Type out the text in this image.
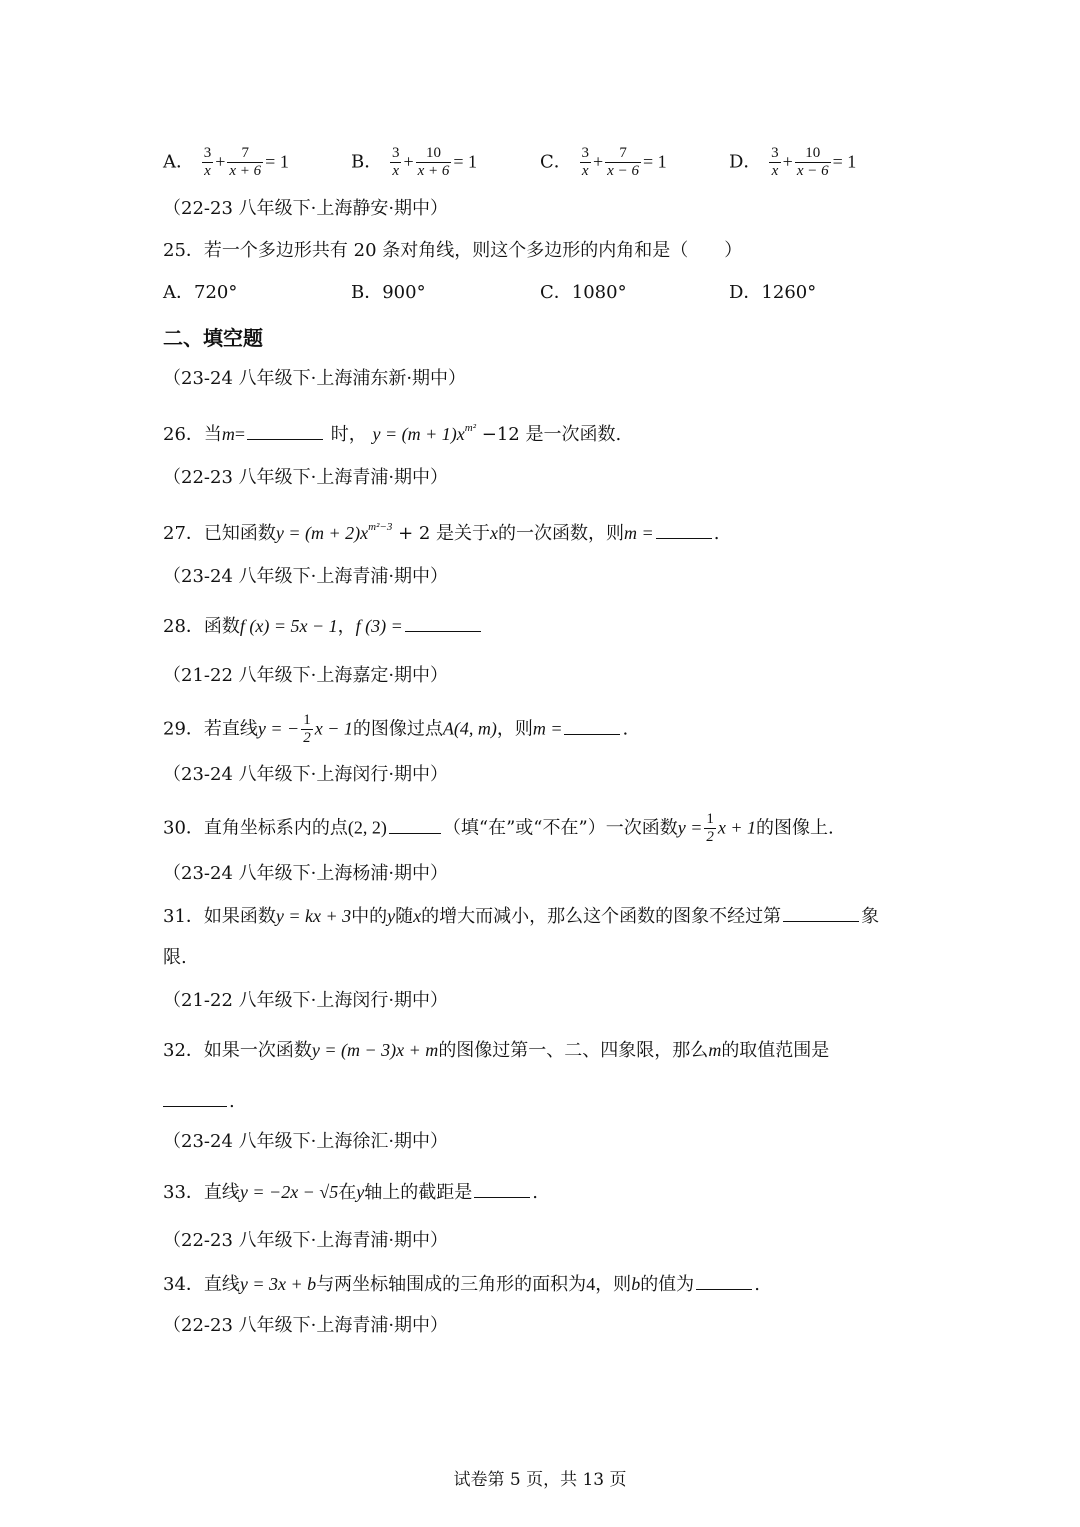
A． $\frac{3}{x} + \frac{7}{x + 6} = 1$	B． $\frac{3}{x} + \frac{10}{x + 6} = 1$	C． $\frac{3}{x} + \frac{7}{x - 6} = 1$	D． $\frac{3}{x} + \frac{10}{x - 6} = 1$
（22-23 八年级下·上海静安·期中）
25．若一个多边形共有 20 条对角线，则这个多边形的内角和是（　　）
A．720°	B．900°	C．1080°	D．1260°
二、填空题
（23-24 八年级下·上海浦东新·期中）
26．当m=	时， $y = (m + 1)x^{m^2} -12$ 是一次函数.
（22-23 八年级下·上海青浦·期中）
27．已知函数$y = (m + 2)x^{m^2-3} + 2$ 是关于x的一次函数，则m =	.
（23-24 八年级下·上海青浦·期中）
28．函数f (x) = 5x − 1，f (3) =
（21-22 八年级下·上海嘉定·期中）
29．若直线y = − $\frac{1}{2}$ x − 1的图像过点A(4, m)，则m =	.
（23-24 八年级下·上海闵行·期中）
30．直角坐标系内的点(2, 2)	（填“在”或“不在”）一次函数$y = \frac{1}{2}$ x + 1的图像上.
（23-24 八年级下·上海杨浦·期中）
31．如果函数y = kx + 3中的y随x的增大而减小，那么这个函数的图象不经过第	象
限.
（21-22 八年级下·上海闵行·期中）
32．如果一次函数y = (m − 3)x + m的图像过第一、二、四象限，那么m的取值范围是
.
（23-24 八年级下·上海徐汇·期中）
33．直线y = −2x − √5在y轴上的截距是	.
（22-23 八年级下·上海青浦·期中）
34．直线y = 3x + b与两坐标轴围成的三角形的面积为4，则b的值为	.
（22-23 八年级下·上海青浦·期中）
试卷第 5 页，共 13 页
